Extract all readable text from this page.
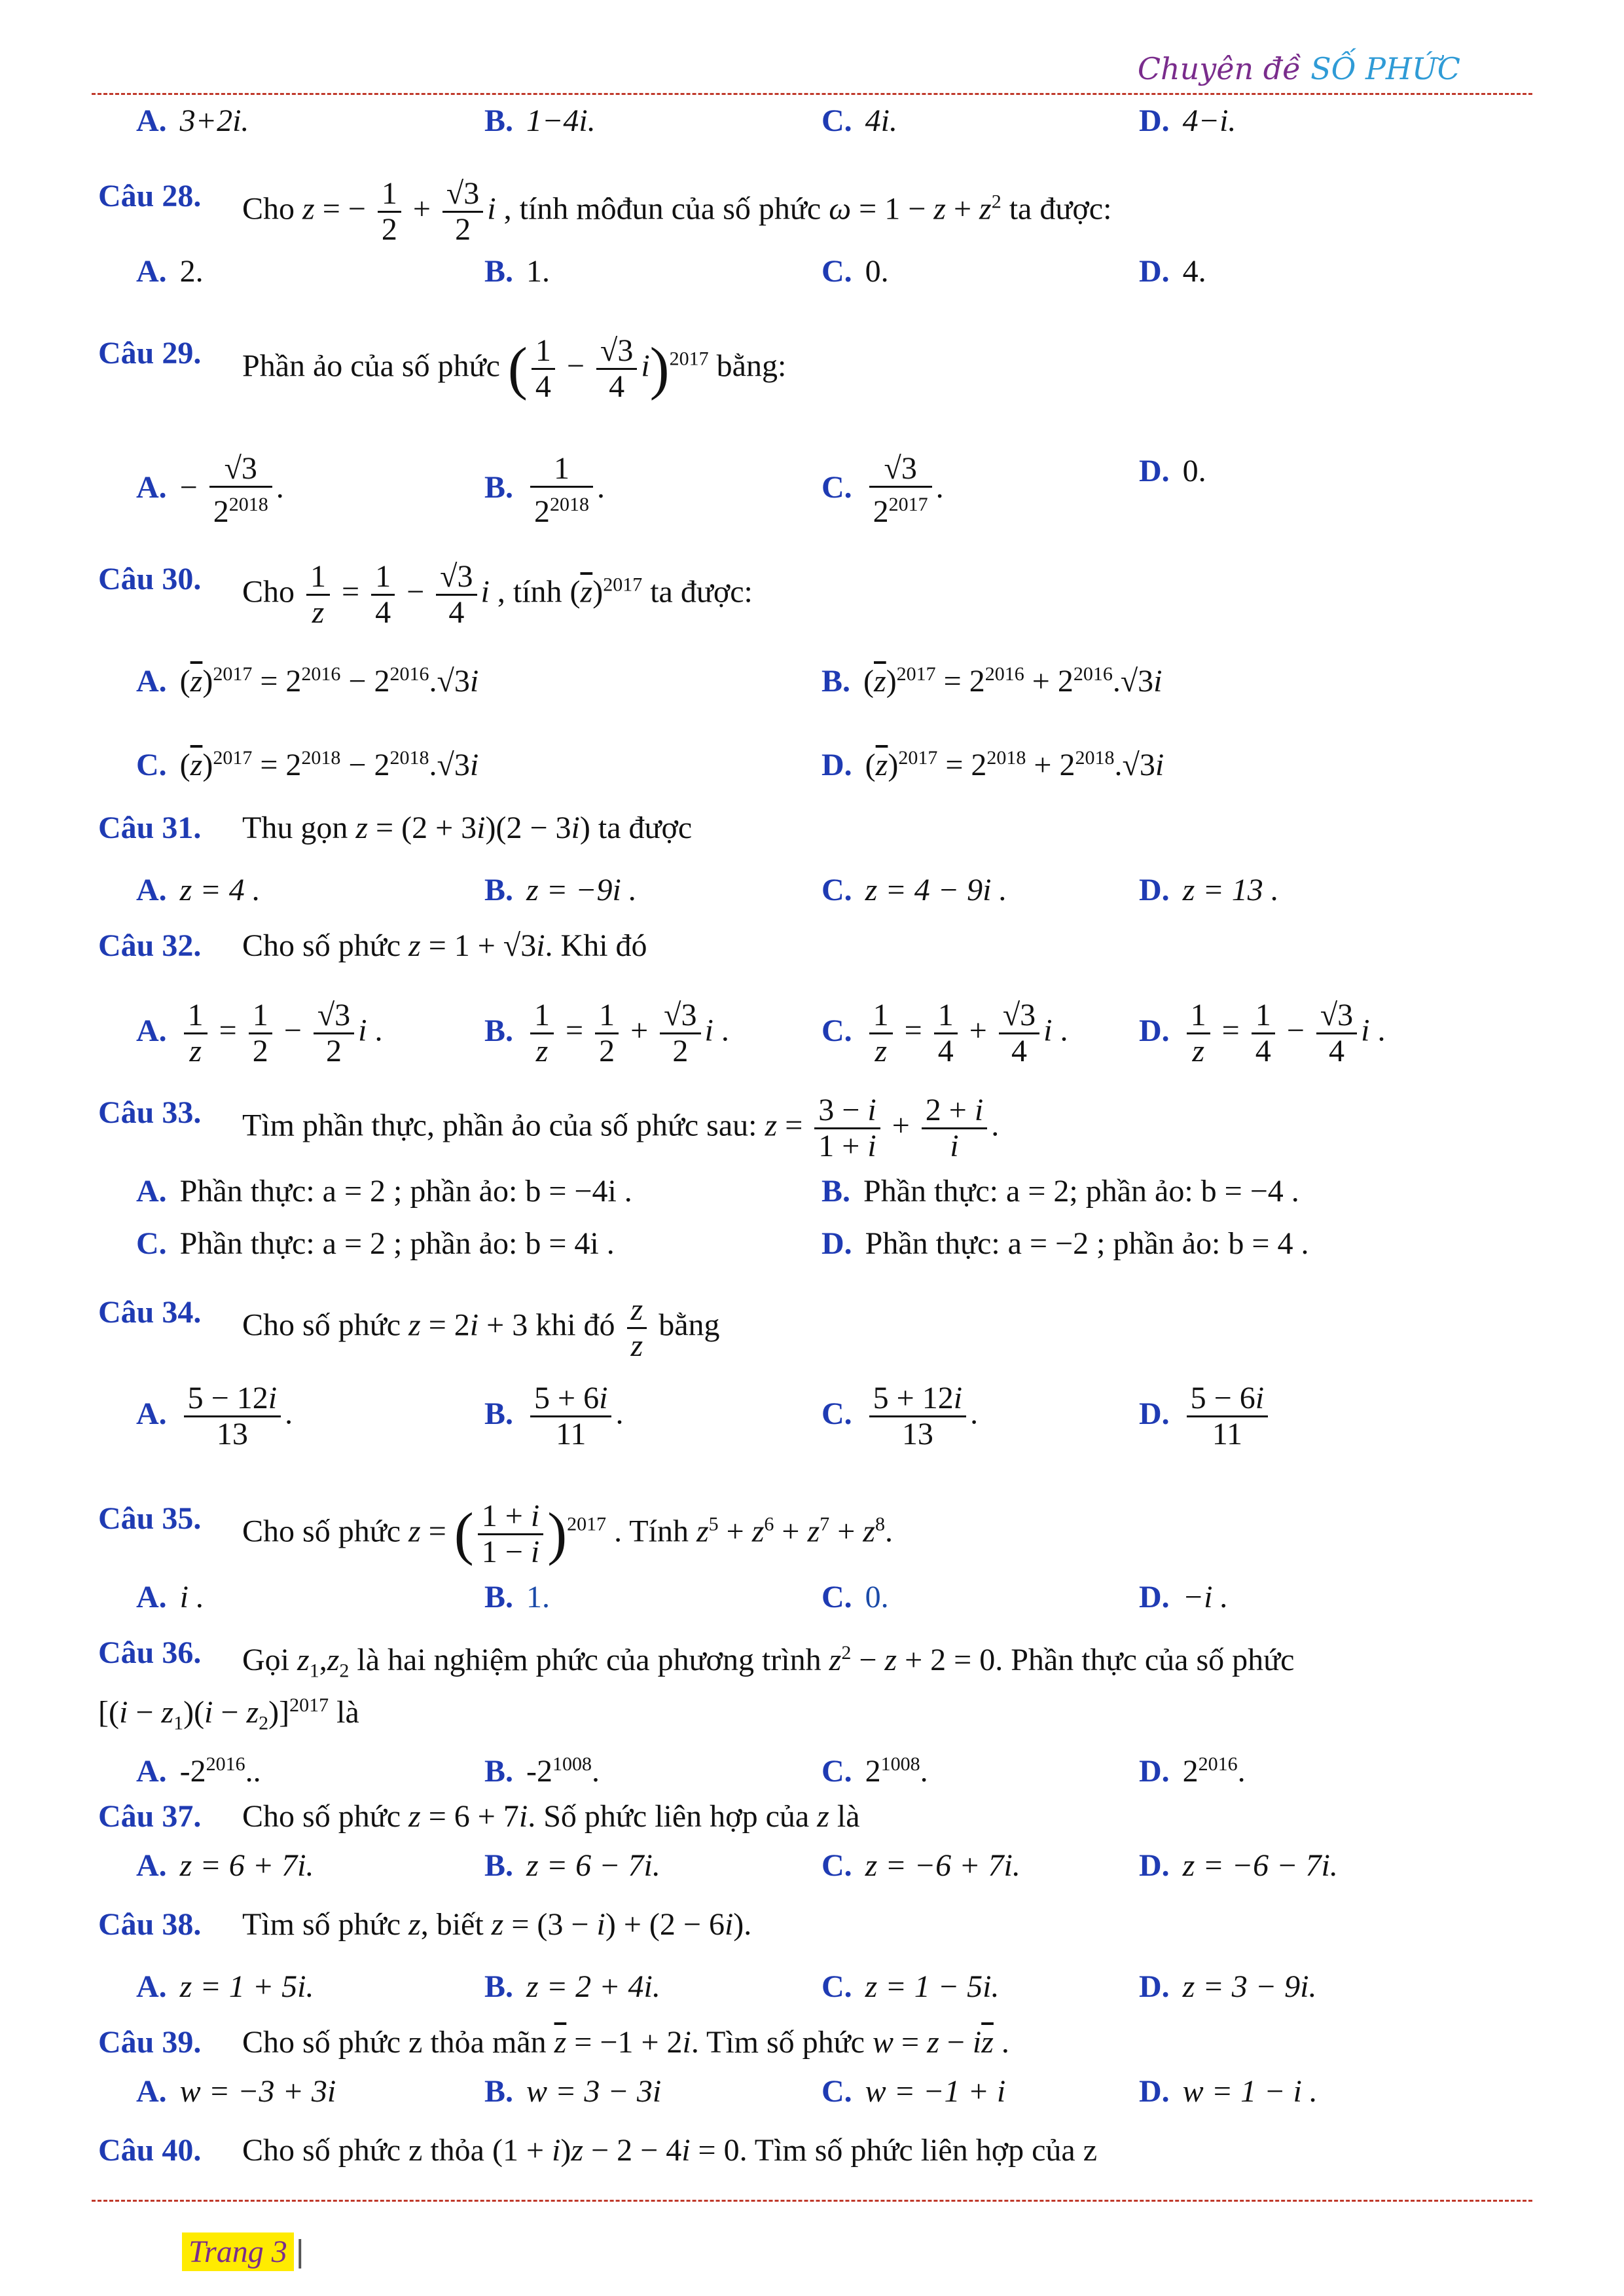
Chuyên đề SỐ PHỨC
A. 3+2i.	B. 1−4i.	C. 4i.	D. 4−i.
Câu 28. Cho z = − $\frac{1}{2} + \frac{√3}{2}$ i , tính môđun của số phức $\omega = 1 - z + z^2$ ta được:
A. 2.	B. 1.	C. 0.	D. 4.
Câu 29. Phần ảo của số phức ( $\frac{1}{4} - \frac{√3}{4} i)^{2017}$ bằng:
A. − $\frac{√3}{2^{2018}}$ .	B. $\frac{1}{2^{2018}}$ .	C. $\frac{√3}{2^{2017}}$ .	D. 0.
Câu 30. Cho $\frac{1}{z} = \frac{1}{4} - \frac{√3}{4}$ i , tính $(\overline{z})^{2017}$ ta được:
A. $(\overline{z})^{2017} = 2^{2016} - 2^{2016}.√3i$	B. $(\overline{z})^{2017} = 2^{2016} + 2^{2016}.√3i$
C. $(\overline{z})^{2017} = 2^{2018} - 2^{2018}.√3i$	D. $(\overline{z})^{2017} = 2^{2018} + 2^{2018}.√3i$
Câu 31. Thu gọn z = (2 + 3i)(2 − 3i) ta được
A. z = 4 .	B. z = −9i .	C. z = 4 − 9i .	D. z = 13 .
Câu 32. Cho số phức z = 1 + √3i. Khi đó
A. $\frac{1}{z} = \frac{1}{2} - \frac{√3}{2}$ i .	B. $\frac{1}{z} = \frac{1}{2} + \frac{√3}{2}$ i .	C. $\frac{1}{z} = \frac{1}{4} + \frac{√3}{4}$ i . D. $\frac{1}{z} = \frac{1}{4} - \frac{√3}{4}$ i .
Câu 33. Tìm phần thực, phần ảo của số phức sau: $z = \frac{3 - i}{1 + i} + \frac{2 + i}{i}$ .
A. Phần thực: a = 2 ; phần ảo: b = −4i .	B. Phần thực: a = 2; phần ảo: b = −4 .
C. Phần thực: a = 2 ; phần ảo: b = 4i .	D. Phần thực: a = −2 ; phần ảo: b = 4 .
Câu 34. Cho số phức z = 2i + 3 khi đó $\frac{z}{z}$ bằng
A. $\frac{5 - 12i}{13}$ .	B. $\frac{5 + 6i}{11}$ .	C. $\frac{5 + 12i}{13}$ .	D. $\frac{5 - 6i}{11}$
Câu 35. Cho số phức z = ( $\frac{1 + i}{1 - i} )^{2017}$ . Tính $z^5 + z^6 + z^7 + z^8$.
A. i .	B. 1.	C. 0.	D. −i .
Câu 36. Gọi $z_1,z_2$ là hai nghiệm phức của phương trình $z^2 - z + 2 = 0$. Phần thực của số phức
$[(i - z_1)(i - z_2)]^{2017}$ là
A. $-2^{2016}$..	B. $-2^{1008}$.	C. $2^{1008}$.	D. $2^{2016}$.
Câu 37. Cho số phức z = 6 + 7i. Số phức liên hợp của z là
A. z = 6 + 7i.	B. z = 6 − 7i.	C. z = −6 + 7i.	D. z = −6 − 7i.
Câu 38. Tìm số phức z, biết z = (3 − i) + (2 − 6i).
A. z = 1 + 5i.	B. z = 2 + 4i.	C. z = 1 − 5i.	D. z = 3 − 9i.
Câu 39. Cho số phức z thỏa mãn $\overline{z} = -1 + 2i$. Tìm số phức $w = z - i\overline{z}$ .
A. w = −3 + 3i	B. w = 3 − 3i	C. w = −1 + i	D. w = 1 − i .
Câu 40. Cho số phức z thỏa (1 + i)z − 2 − 4i = 0. Tìm số phức liên hợp của z
Trang 3 |
